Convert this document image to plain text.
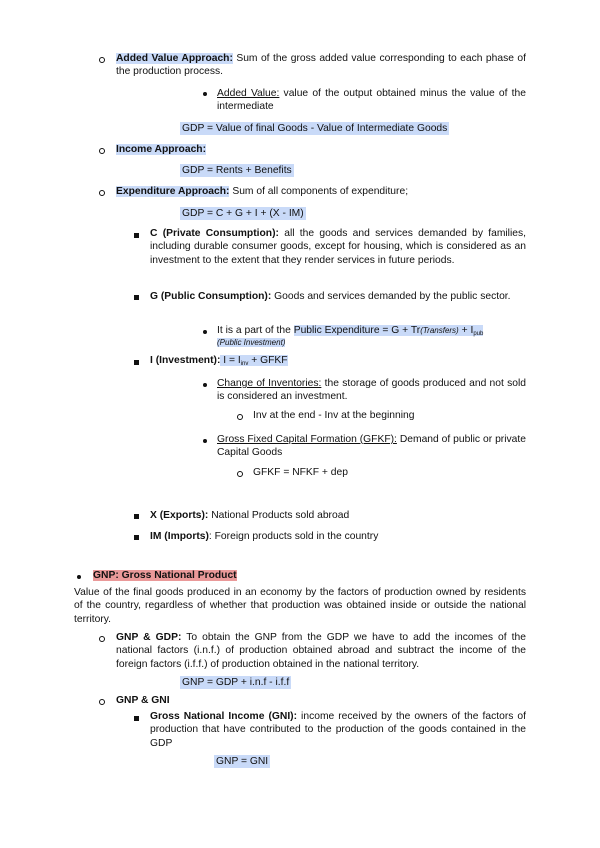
Added Value Approach: Sum of the gross added value corresponding to each phase of the production process.
Added Value: value of the output obtained minus the value of the intermediate
GDP = Value of final Goods - Value of Intermediate Goods
Income Approach:
GDP = Rents + Benefits
Expenditure Approach: Sum of all components of expenditure;
GDP = C + G + I + (X - IM)
C (Private Consumption): all the goods and services demanded by families, including durable consumer goods, except for housing, which is considered as an investment to the extent that they render services in future periods.
G (Public Consumption): Goods and services demanded by the public sector.
It is a part of the Public Expenditure = G + Tr(Transfers) + $I_{pub}$
(Public Investment)
I (Investment): $I = I_{inv}$ + GFKF
Change of Inventories: the storage of goods produced and not sold is considered an investment.
Inv at the end - Inv at the beginning
Gross Fixed Capital Formation (GFKF): Demand of public or private Capital Goods
GFKF = NFKF + dep
X (Exports): National Products sold abroad
IM (Imports): Foreign products sold in the country
GNP: Gross National Product
Value of the final goods produced in an economy by the factors of production owned by residents of the country, regardless of whether that production was obtained inside or outside the national territory.
GNP & GDP: To obtain the GNP from the GDP we have to add the incomes of the national factors (i.n.f.) of production obtained abroad and subtract the income of the foreign factors (i.f.f.) of production obtained in the national territory.
GNP = GDP + i.n.f - i.f.f
GNP & GNI
Gross National Income (GNI): income received by the owners of the factors of production that have contributed to the production of the goods contained in the GDP
GNP = GNI
